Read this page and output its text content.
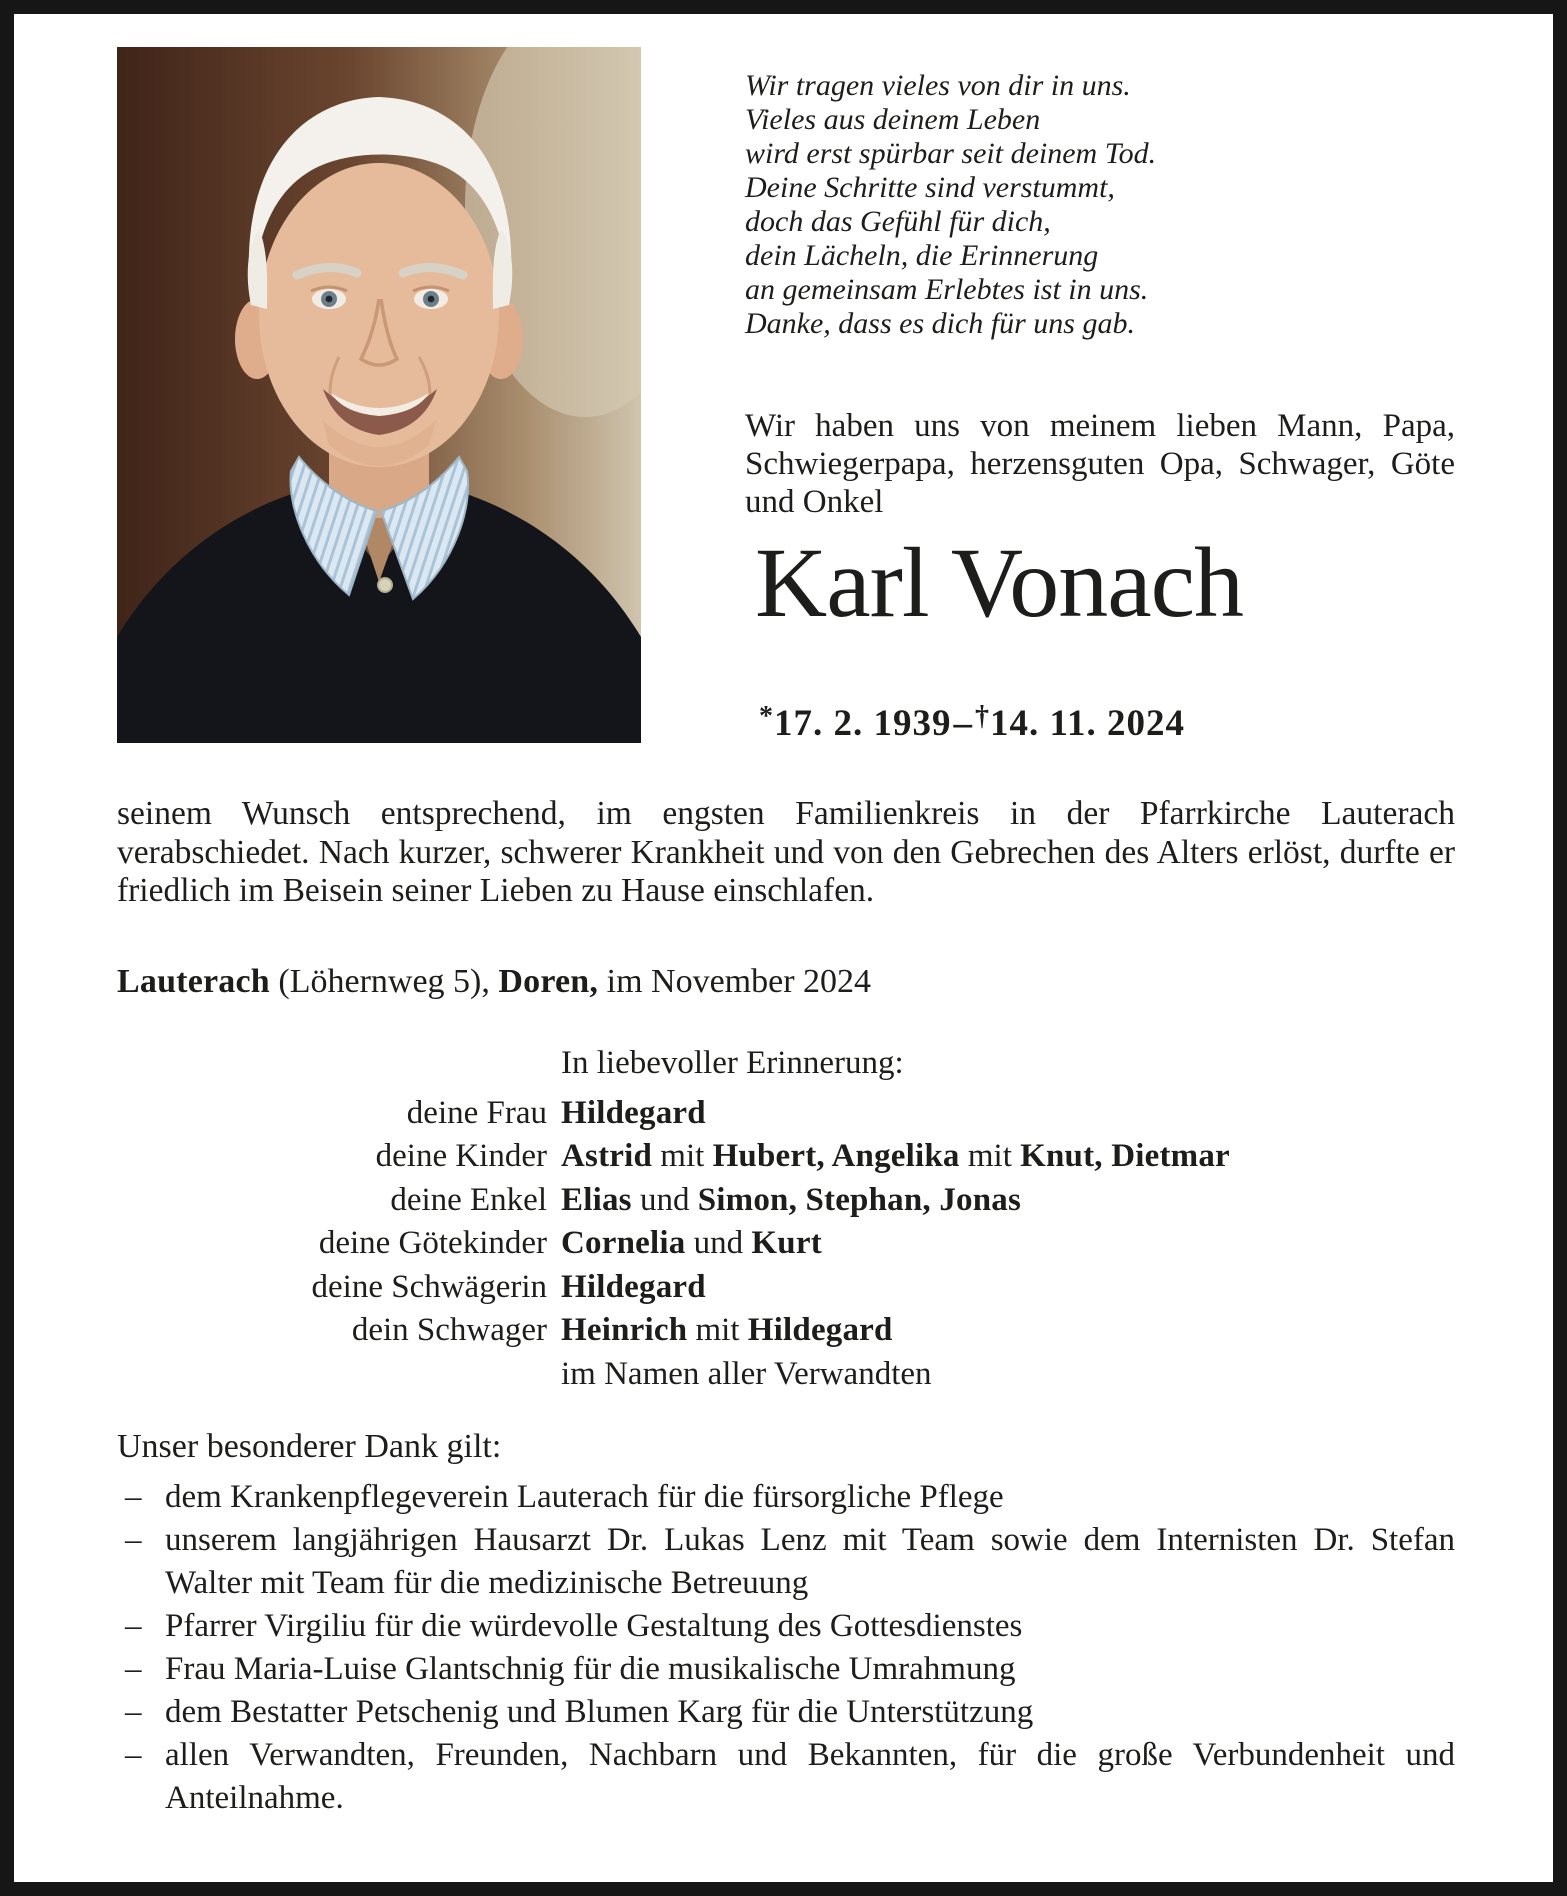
Wir tragen vieles von dir in uns.
Vieles aus deinem Leben
wird erst spürbar seit deinem Tod.
Deine Schritte sind verstummt,
doch das Gefühl für dich,
dein Lächeln, die Erinnerung
an gemeinsam Erlebtes ist in uns.
Danke, dass es dich für uns gab.
Wir haben uns von meinem lieben Mann, Papa, Schwiegerpapa, herzensguten Opa, Schwager, Göte und Onkel
Karl Vonach
*17. 2. 1939–†14. 11. 2024

seinem Wunsch entsprechend, im engsten Familienkreis in der Pfarrkirche Lauterach verabschiedet. Nach kurzer, schwerer Krankheit und von den Gebrechen des Alters erlöst, durfte er friedlich im Beisein seiner Lieben zu Hause einschlafen.

Lauterach (Löhernweg 5), Doren, im November 2024
In liebevoller Erinnerung:
deine Frau Hildegard
deine Kinder Astrid mit Hubert, Angelika mit Knut, Dietmar
deine Enkel Elias und Simon, Stephan, Jonas
deine Götekinder Cornelia und Kurt
deine Schwägerin Hildegard
dein Schwager Heinrich mit Hildegard
im Namen aller Verwandten
Unser besonderer Dank gilt:
– dem Krankenpflegeverein Lauterach für die fürsorgliche Pflege
– unserem langjährigen Hausarzt Dr. Lukas Lenz mit Team sowie dem Internisten Dr. Stefan Walter mit Team für die medizinische Betreuung
– Pfarrer Virgiliu für die würdevolle Gestaltung des Gottesdienstes
– Frau Maria-Luise Glantschnig für die musikalische Umrahmung
– dem Bestatter Petschenig und Blumen Karg für die Unterstützung
– allen Verwandten, Freunden, Nachbarn und Bekannten, für die große Verbundenheit und Anteilnahme.
